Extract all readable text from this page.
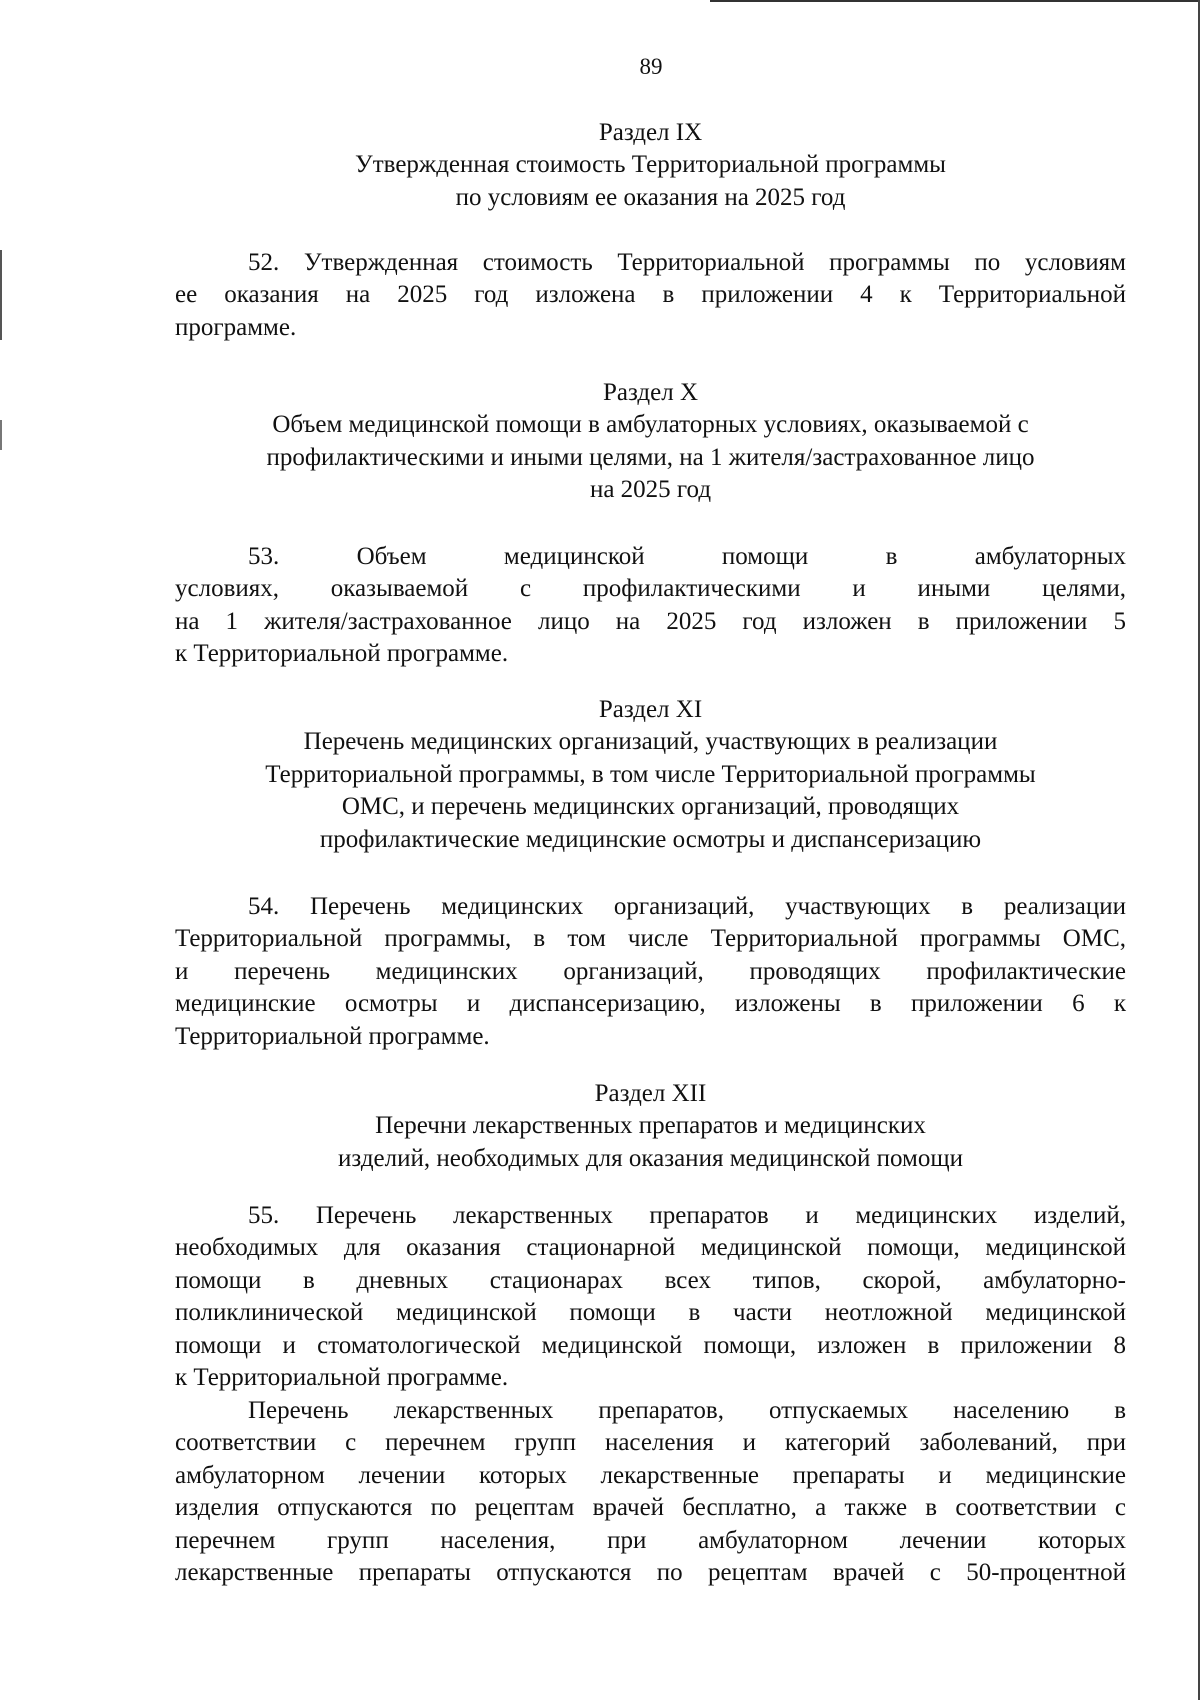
89
Раздел IX
Утвержденная стоимость Территориальной программы
по условиям ее оказания на 2025 год
52. Утвержденная стоимость Территориальной программы по условиям
ее оказания на 2025 год изложена в приложении 4 к Территориальной
программе.
Раздел X
Объем медицинской помощи в амбулаторных условиях, оказываемой с
профилактическими и иными целями, на 1 жителя/застрахованное лицо
на 2025 год
53. Объем медицинской помощи в амбулаторных
условиях, оказываемой с профилактическими и иными целями,
на 1 жителя/застрахованное лицо на 2025 год изложен в приложении 5
к Территориальной программе.
Раздел XI
Перечень медицинских организаций, участвующих в реализации
Территориальной программы, в том числе Территориальной программы
ОМС, и перечень медицинских организаций, проводящих
профилактические медицинские осмотры и диспансеризацию
54. Перечень медицинских организаций, участвующих в реализации
Территориальной программы, в том числе Территориальной программы ОМС,
и перечень медицинских организаций, проводящих профилактические
медицинские осмотры и диспансеризацию, изложены в приложении 6 к
Территориальной программе.
Раздел XII
Перечни лекарственных препаратов и медицинских
изделий, необходимых для оказания медицинской помощи
55. Перечень лекарственных препаратов и медицинских изделий,
необходимых для оказания стационарной медицинской помощи, медицинской
помощи в дневных стационарах всех типов, скорой, амбулаторно-
поликлинической медицинской помощи в части неотложной медицинской
помощи и стоматологической медицинской помощи, изложен в приложении 8
к Территориальной программе.
Перечень лекарственных препаратов, отпускаемых населению в
соответствии с перечнем групп населения и категорий заболеваний, при
амбулаторном лечении которых лекарственные препараты и медицинские
изделия отпускаются по рецептам врачей бесплатно, а также в соответствии с
перечнем групп населения, при амбулаторном лечении которых
лекарственные препараты отпускаются по рецептам врачей с 50-процентной
